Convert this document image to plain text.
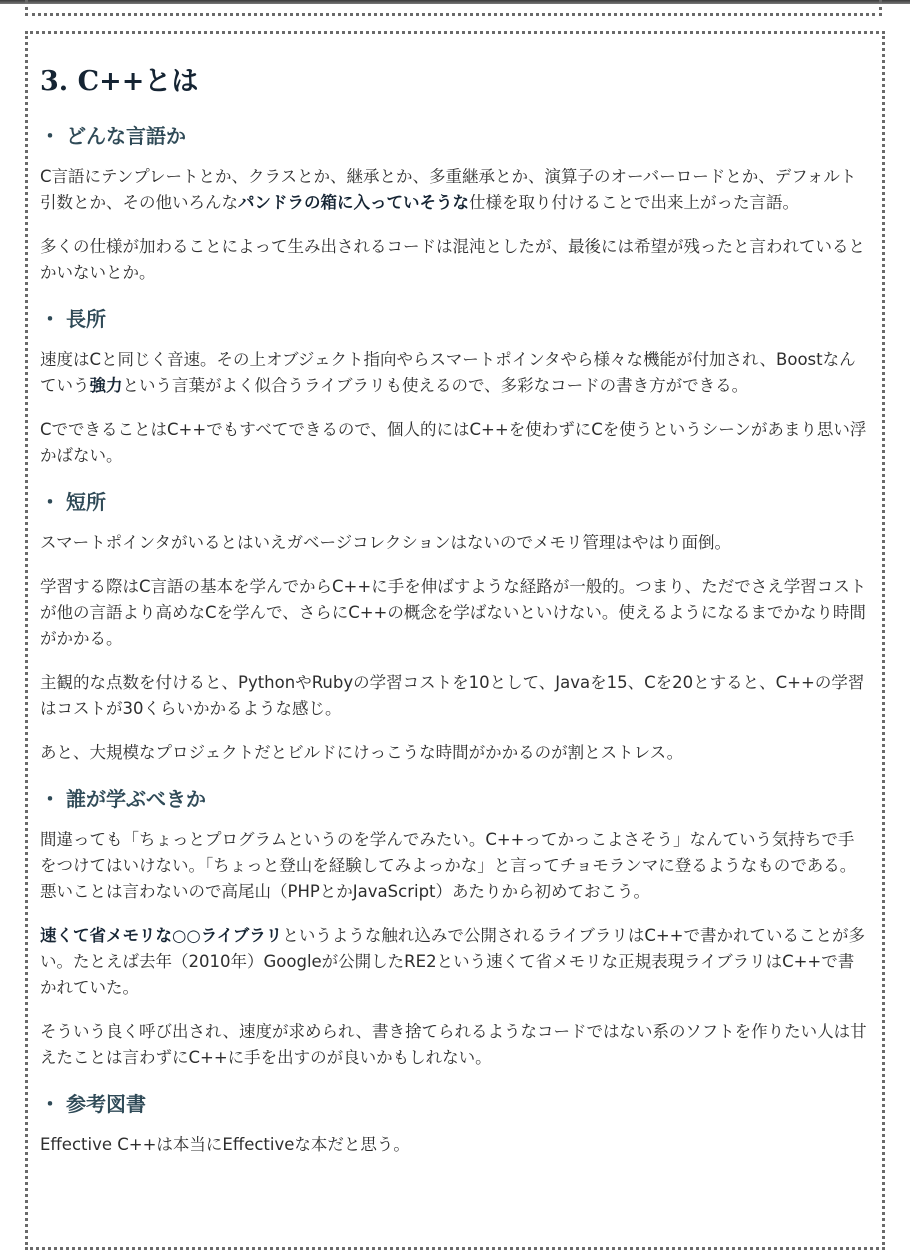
3. C++とは
・ どんな言語か

C言語にテンプレートとか、クラスとか、継承とか、多重継承とか、演算子のオーバーロードとか、デフォルト引数とか、その他いろんなパンドラの箱に入っていそうな仕様を取り付けることで出来上がった言語。

多くの仕様が加わることによって生み出されるコードは混沌としたが、最後には希望が残ったと言われているとかいないとか。

・ 長所

速度はCと同じく音速。その上オブジェクト指向やらスマートポインタやら様々な機能が付加され、Boostなんていう強力という言葉がよく似合うライブラリも使えるので、多彩なコードの書き方ができる。

CでできることはC++でもすべてできるので、個人的にはC++を使わずにCを使うというシーンがあまり思い浮かばない。

・ 短所

スマートポインタがいるとはいえガベージコレクションはないのでメモリ管理はやはり面倒。

学習する際はC言語の基本を学んでからC++に手を伸ばすような経路が一般的。つまり、ただでさえ学習コストが他の言語より高めなCを学んで、さらにC++の概念を学ばないといけない。使えるようになるまでかなり時間がかかる。

主観的な点数を付けると、PythonやRubyの学習コストを10として、Javaを15、Cを20とすると、C++の学習はコストが30くらいかかるような感じ。

あと、大規模なプロジェクトだとビルドにけっこうな時間がかかるのが割とストレス。

・ 誰が学ぶべきか

間違っても「ちょっとプログラムというのを学んでみたい。C++ってかっこよさそう」なんていう気持ちで手をつけてはいけない。「ちょっと登山を経験してみよっかな」と言ってチョモランマに登るようなものである。悪いことは言わないので高尾山（PHPとかJavaScript）あたりから初めておこう。

速くて省メモリな○○ライブラリというような触れ込みで公開されるライブラリはC++で書かれていることが多い。たとえば去年（2010年）Googleが公開したRE2という速くて省メモリな正規表現ライブラリはC++で書かれていた。

そういう良く呼び出され、速度が求められ、書き捨てられるようなコードではない系のソフトを作りたい人は甘えたことは言わずにC++に手を出すのが良いかもしれない。

・ 参考図書

Effective C++は本当にEffectiveな本だと思う。
